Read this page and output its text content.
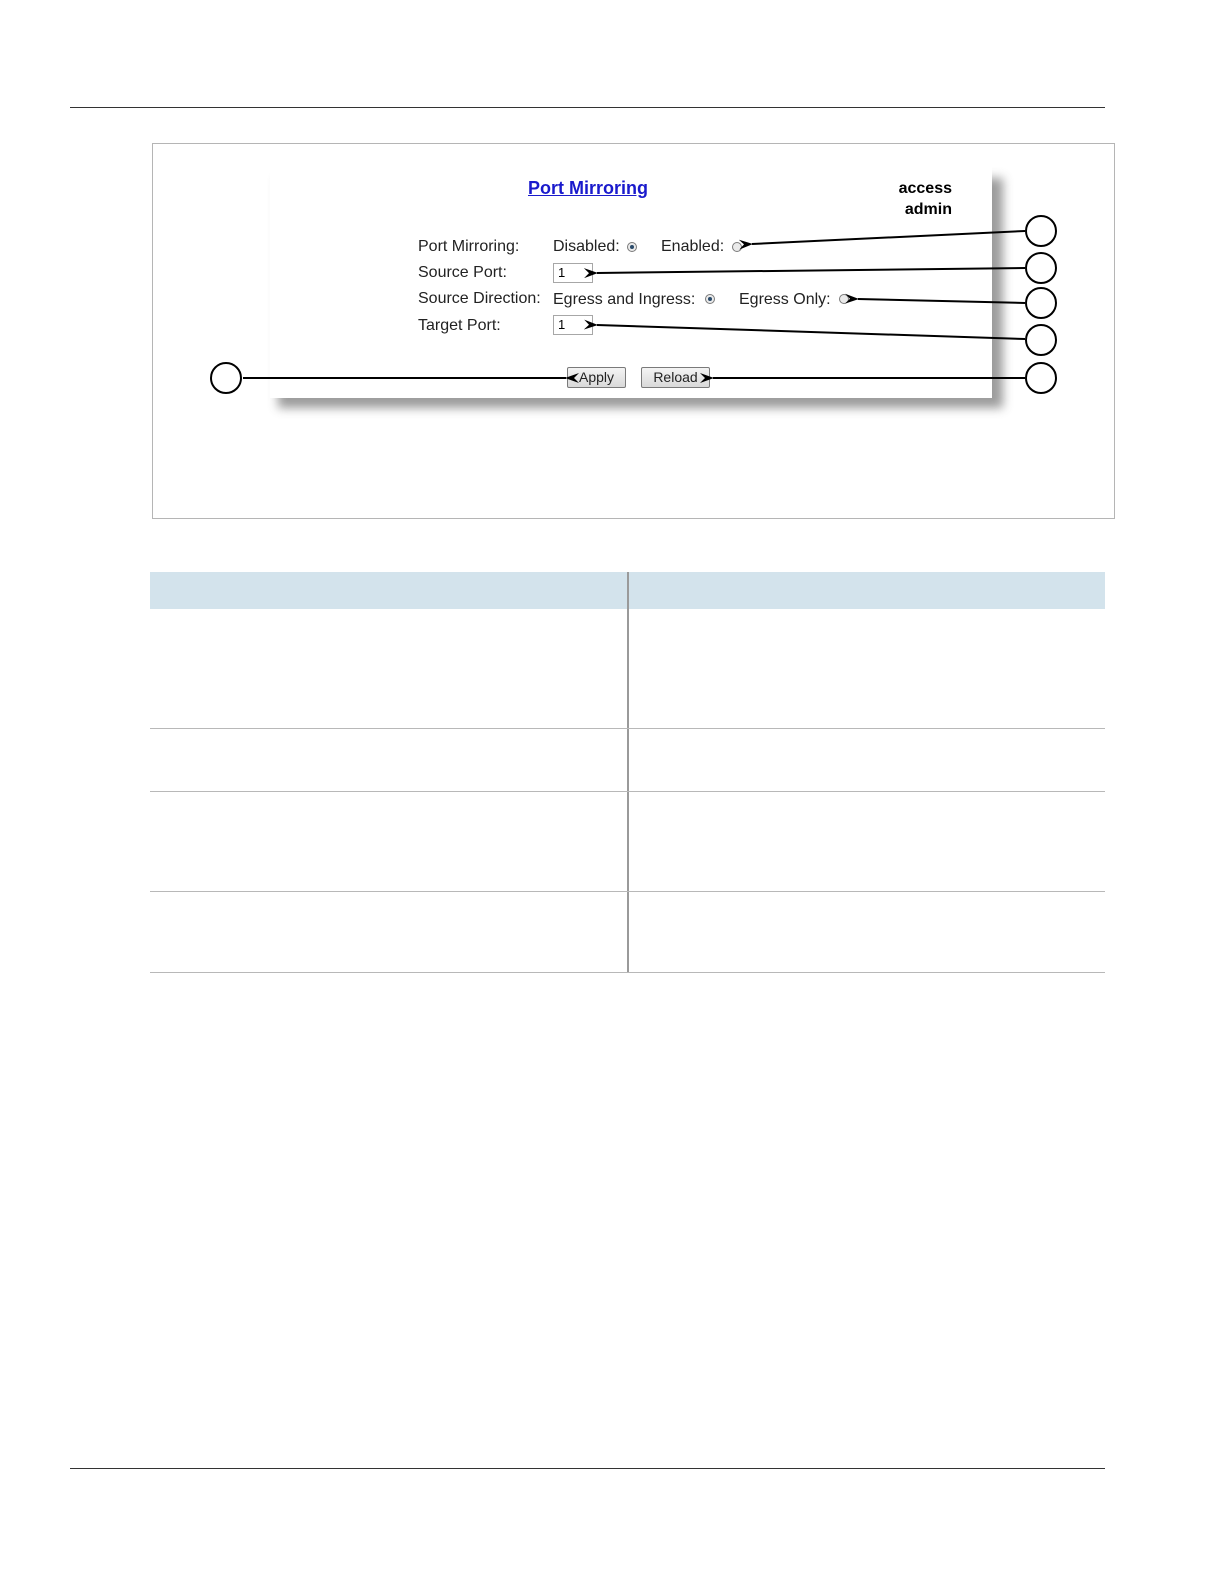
Port Mirroring	access
admin
Port Mirroring: Disabled:	Enabled:
Source Port:	1
Source Direction: Egress and Ingress:	Egress Only:
Target Port:	1
Apply	Reload
